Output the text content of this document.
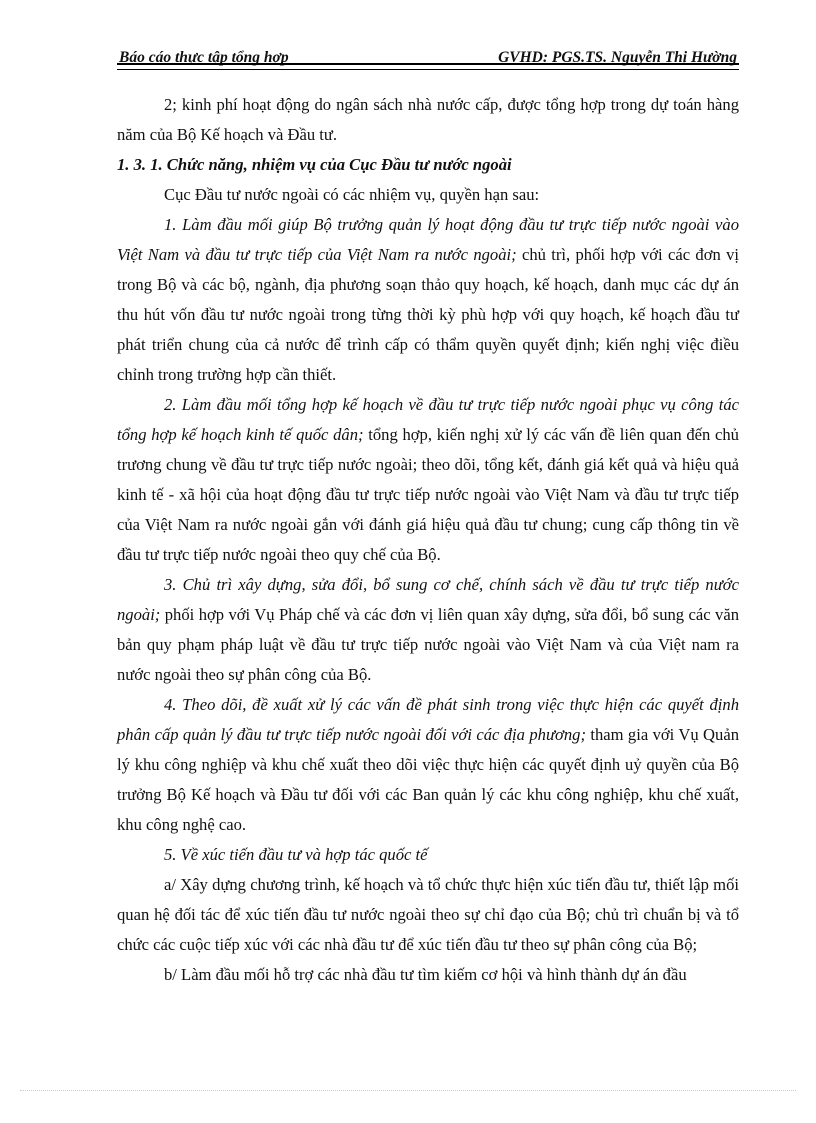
Báo cáo thực tập tổng hợp	GVHD: PGS.TS. Nguyễn Thị Hường

2; kinh phí hoạt động do ngân sách nhà nước cấp, được tổng hợp trong dự toán hàng năm của Bộ Kế hoạch và Đầu tư.

1. 3. 1. Chức năng, nhiệm vụ của Cục Đầu tư nước ngoài

Cục Đầu tư nước ngoài có các nhiệm vụ, quyền hạn sau:

1. Làm đầu mối giúp Bộ trưởng quản lý hoạt động đầu tư trực tiếp nước ngoài vào Việt Nam và đầu tư trực tiếp của Việt Nam ra nước ngoài; chủ trì, phối hợp với các đơn vị trong Bộ và các bộ, ngành, địa phương soạn thảo quy hoạch, kế hoạch, danh mục các dự án thu hút vốn đầu tư nước ngoài trong từng thời kỳ phù hợp với quy hoạch, kế hoạch đầu tư phát triển chung của cả nước để trình cấp có thẩm quyền quyết định; kiến nghị việc điều chỉnh trong trường hợp cần thiết.

2. Làm đầu mối tổng hợp kế hoạch về đầu tư trực tiếp nước ngoài phục vụ công tác tổng hợp kế hoạch kinh tế quốc dân; tổng hợp, kiến nghị xử lý các vấn đề liên quan đến chủ trương chung về đầu tư trực tiếp nước ngoài; theo dõi, tổng kết, đánh giá kết quả và hiệu quả kinh tế - xã hội của hoạt động đầu tư trực tiếp nước ngoài vào Việt Nam và đầu tư trực tiếp của Việt Nam ra nước ngoài gắn với đánh giá hiệu quả đầu tư chung; cung cấp thông tin về đầu tư trực tiếp nước ngoài theo quy chế của Bộ.

3. Chủ trì xây dựng, sửa đổi, bổ sung cơ chế, chính sách về đầu tư trực tiếp nước ngoài; phối hợp với Vụ Pháp chế và các đơn vị liên quan xây dựng, sửa đổi, bổ sung các văn bản quy phạm pháp luật về đầu tư trực tiếp nước ngoài vào Việt Nam và của Việt nam ra nước ngoài theo sự phân công của Bộ.

4. Theo dõi, đề xuất xử lý các vấn đề phát sinh trong việc thực hiện các quyết định phân cấp quản lý đầu tư trực tiếp nước ngoài đối với các địa phương; tham gia với Vụ Quản lý khu công nghiệp và khu chế xuất theo dõi việc thực hiện các quyết định uỷ quyền của Bộ trưởng Bộ Kế hoạch và Đầu tư đối với các Ban quản lý các khu công nghiệp, khu chế xuất, khu công nghệ cao.

5. Về xúc tiến đầu tư và hợp tác quốc tế

a/ Xây dựng chương trình, kế hoạch và tổ chức thực hiện xúc tiến đầu tư, thiết lập mối quan hệ đối tác để xúc tiến đầu tư nước ngoài theo sự chỉ đạo của Bộ; chủ trì chuẩn bị và tổ chức các cuộc tiếp xúc với các nhà đầu tư để xúc tiến đầu tư theo sự phân công của Bộ;

b/ Làm đầu mối hỗ trợ các nhà đầu tư tìm kiếm cơ hội và hình thành dự án đầu
